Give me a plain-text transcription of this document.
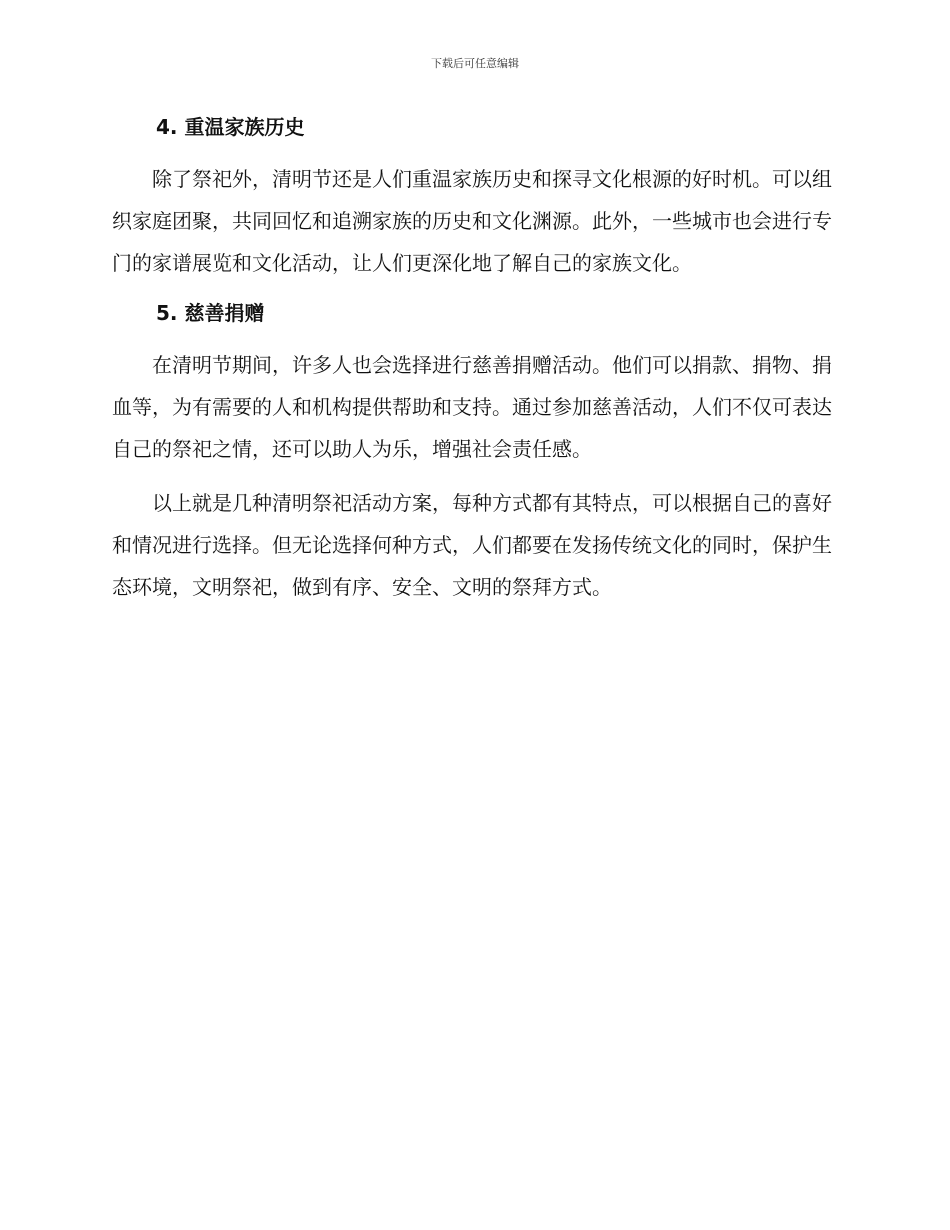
下载后可任意编辑
4. 重温家族历史

除了祭祀外，清明节还是人们重温家族历史和探寻文化根源的好时机。可以组织家庭团聚，共同回忆和追溯家族的历史和文化渊源。此外，一些城市也会进行专门的家谱展览和文化活动，让人们更深化地了解自己的家族文化。

5. 慈善捐赠

在清明节期间，许多人也会选择进行慈善捐赠活动。他们可以捐款、捐物、捐血等，为有需要的人和机构提供帮助和支持。通过参加慈善活动，人们不仅可表达自己的祭祀之情，还可以助人为乐，增强社会责任感。

以上就是几种清明祭祀活动方案，每种方式都有其特点，可以根据自己的喜好和情况进行选择。但无论选择何种方式，人们都要在发扬传统文化的同时，保护生态环境，文明祭祀，做到有序、安全、文明的祭拜方式。
